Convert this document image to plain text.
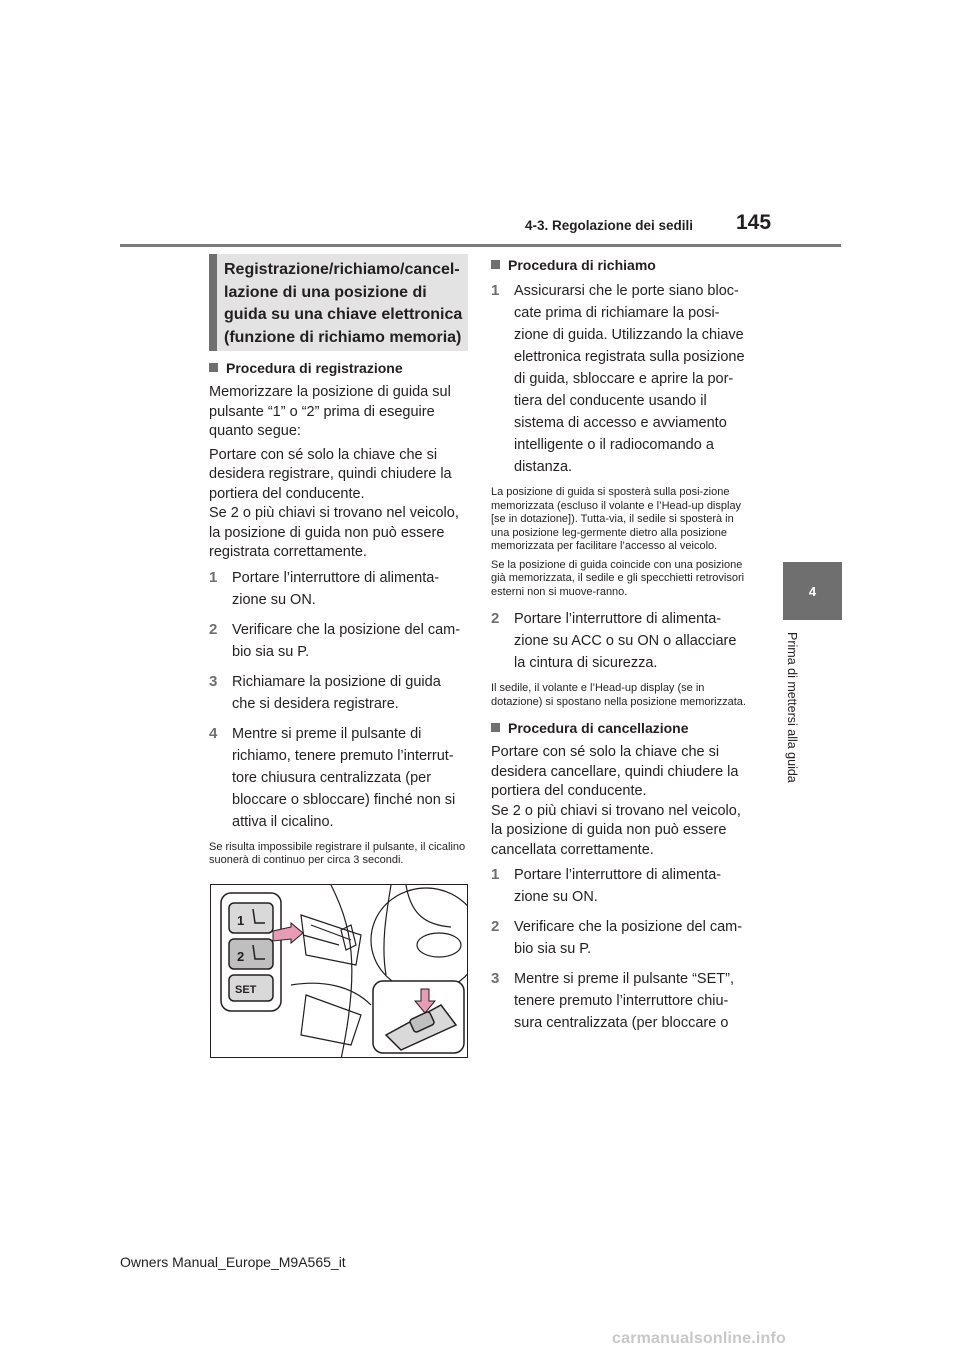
4-3. Regolazione dei sedili 145
4
Prima di mettersi alla guida
Registrazione/richiamo/cancel-
lazione di una posizione di
guida su una chiave elettronica
(funzione di richiamo memoria)
Procedura di registrazione
Memorizzare la posizione di guida sul pulsante “1” o “2” prima di eseguire quanto segue:
Portare con sé solo la chiave che si desidera registrare, quindi chiudere la portiera del conducente.
Se 2 o più chiavi si trovano nel veicolo, la posizione di guida non può essere registrata correttamente.
1 Portare l’interruttore di alimenta-zione su ON.
2 Verificare che la posizione del cam-bio sia su P.
3 Richiamare la posizione di guida che si desidera registrare.
4 Mentre si preme il pulsante di richiamo, tenere premuto l’interrut-tore chiusura centralizzata (per bloccare o sbloccare) finché non si attiva il cicalino.
Se risulta impossibile registrare il pulsante, il cicalino suonerà di continuo per circa 3 secondi.
1
2
SET
Procedura di richiamo
1 Assicurarsi che le porte siano bloc-cate prima di richiamare la posi-zione di guida. Utilizzando la chiave elettronica registrata sulla posizione di guida, sbloccare e aprire la por-tiera del conducente usando il sistema di accesso e avviamento intelligente o il radiocomando a distanza.
La posizione di guida si sposterà sulla posi-zione memorizzata (escluso il volante e l’Head-up display [se in dotazione]). Tutta-via, il sedile si sposterà in una posizione leg-germente dietro alla posizione memorizzata per facilitare l’accesso al veicolo.
Se la posizione di guida coincide con una posizione già memorizzata, il sedile e gli specchietti retrovisori esterni non si muove-ranno.
2 Portare l’interruttore di alimenta-zione su ACC o su ON o allacciare la cintura di sicurezza.
Il sedile, il volante e l’Head-up display (se in dotazione) si spostano nella posizione memorizzata.
Procedura di cancellazione
Portare con sé solo la chiave che si desidera cancellare, quindi chiudere la portiera del conducente.
Se 2 o più chiavi si trovano nel veicolo, la posizione di guida non può essere cancellata correttamente.
1 Portare l’interruttore di alimenta-zione su ON.
2 Verificare che la posizione del cam-bio sia su P.
3 Mentre si preme il pulsante “SET”, tenere premuto l’interruttore chiu-sura centralizzata (per bloccare o
Owners Manual_Europe_M9A565_it
carmanualsonline.info
